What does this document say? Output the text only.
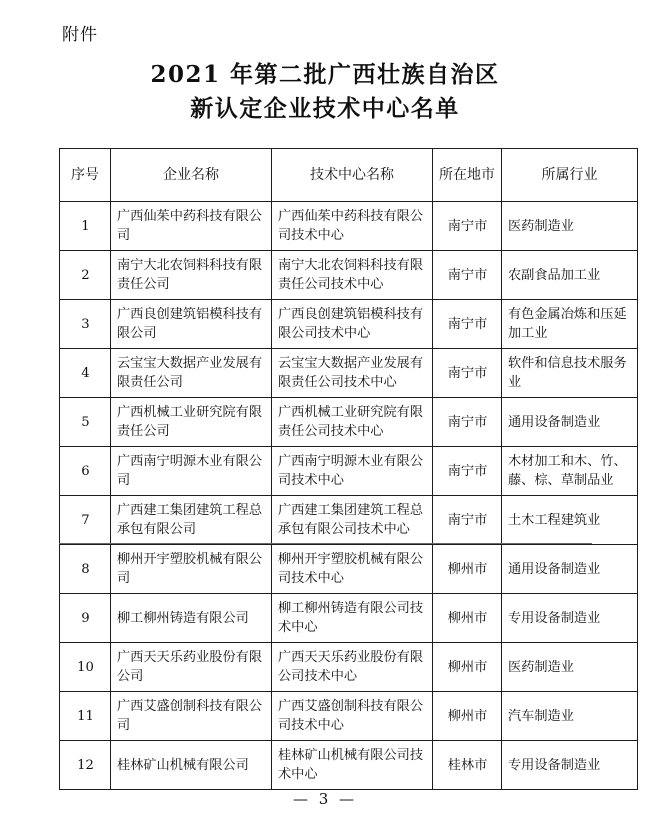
附件
2021 年第二批广西壮族自治区
新认定企业技术中心名单
序号	企业名称	技术中心名称	所在地市	所属行业
1	广西仙茱中药科技有限公司	广西仙茱中药科技有限公司技术中心	南宁市	医药制造业
2	南宁大北农饲料科技有限责任公司	南宁大北农饲料科技有限责任公司技术中心	南宁市	农副食品加工业
3	广西良创建筑铝模科技有限公司	广西良创建筑铝模科技有限公司技术中心	南宁市	有色金属冶炼和压延加工业
4	云宝宝大数据产业发展有限责任公司	云宝宝大数据产业发展有限责任公司技术中心	南宁市	软件和信息技术服务业
5	广西机械工业研究院有限责任公司	广西机械工业研究院有限责任公司技术中心	南宁市	通用设备制造业
6	广西南宁明源木业有限公司	广西南宁明源木业有限公司技术中心	南宁市	木材加工和木、竹、藤、棕、草制品业
7	广西建工集团建筑工程总承包有限公司	广西建工集团建筑工程总承包有限公司技术中心	南宁市	土木工程建筑业
8	柳州开宇塑胶机械有限公司	柳州开宇塑胶机械有限公司技术中心	柳州市	通用设备制造业
9	柳工柳州铸造有限公司	柳工柳州铸造有限公司技术中心	柳州市	专用设备制造业
10	广西天天乐药业股份有限公司	广西天天乐药业股份有限公司技术中心	柳州市	医药制造业
11	广西艾盛创制科技有限公司	广西艾盛创制科技有限公司技术中心	柳州市	汽车制造业
12	桂林矿山机械有限公司	桂林矿山机械有限公司技术中心	桂林市	专用设备制造业
— 3 —
